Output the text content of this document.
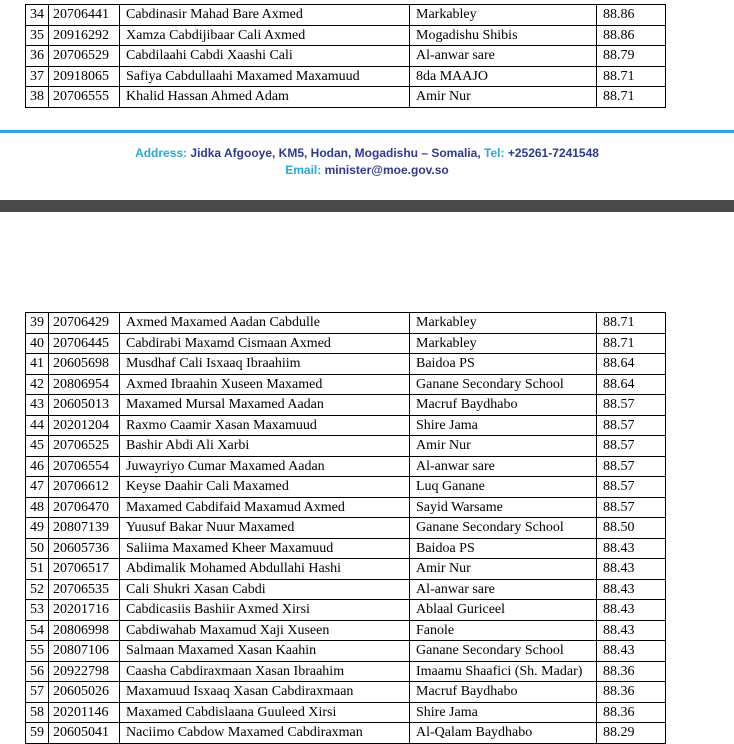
34	20706441	Cabdinasir Mahad Bare Axmed	Markabley	88.86
35	20916292	Xamza Cabdijibaar Cali Axmed	Mogadishu Shibis	88.86
36	20706529	Cabdilaahi Cabdi Xaashi Cali	Al-anwar sare	88.79
37	20918065	Safiya Cabdullaahi Maxamed Maxamuud	8da MAAJO	88.71
38	20706555	Khalid Hassan Ahmed Adam	Amir Nur	88.71
Address: Jidka Afgooye, KM5, Hodan, Mogadishu – Somalia, Tel: +25261-7241548
Email: minister@moe.gov.so
39	20706429	Axmed Maxamed Aadan Cabdulle	Markabley	88.71
40	20706445	Cabdirabi Maxamd Cismaan Axmed	Markabley	88.71
41	20605698	Musdhaf Cali Isxaaq Ibraahiim	Baidoa PS	88.64
42	20806954	Axmed Ibraahin Xuseen Maxamed	Ganane Secondary School	88.64
43	20605013	Maxamed Mursal Maxamed Aadan	Macruf Baydhabo	88.57
44	20201204	Raxmo Caamir Xasan Maxamuud	Shire Jama	88.57
45	20706525	Bashir Abdi Ali Xarbi	Amir Nur	88.57
46	20706554	Juwayriyo Cumar Maxamed Aadan	Al-anwar sare	88.57
47	20706612	Keyse Daahir Cali Maxamed	Luq Ganane	88.57
48	20706470	Maxamed Cabdifaid Maxamud Axmed	Sayid Warsame	88.57
49	20807139	Yuusuf Bakar Nuur Maxamed	Ganane Secondary School	88.50
50	20605736	Saliima Maxamed Kheer Maxamuud	Baidoa PS	88.43
51	20706517	Abdimalik Mohamed Abdullahi Hashi	Amir Nur	88.43
52	20706535	Cali Shukri Xasan Cabdi	Al-anwar sare	88.43
53	20201716	Cabdicasiis Bashiir Axmed Xirsi	Ablaal Guriceel	88.43
54	20806998	Cabdiwahab Maxamud Xaji Xuseen	Fanole	88.43
55	20807106	Salmaan Maxamed Xasan Kaahin	Ganane Secondary School	88.43
56	20922798	Caasha Cabdiraxmaan Xasan Ibraahim	Imaamu Shaafici (Sh. Madar)	88.36
57	20605026	Maxamuud Isxaaq Xasan Cabdiraxmaan	Macruf Baydhabo	88.36
58	20201146	Maxamed Cabdislaana Guuleed Xirsi	Shire Jama	88.36
59	20605041	Naciimo Cabdow Maxamed Cabdiraxman	Al-Qalam Baydhabo	88.29
